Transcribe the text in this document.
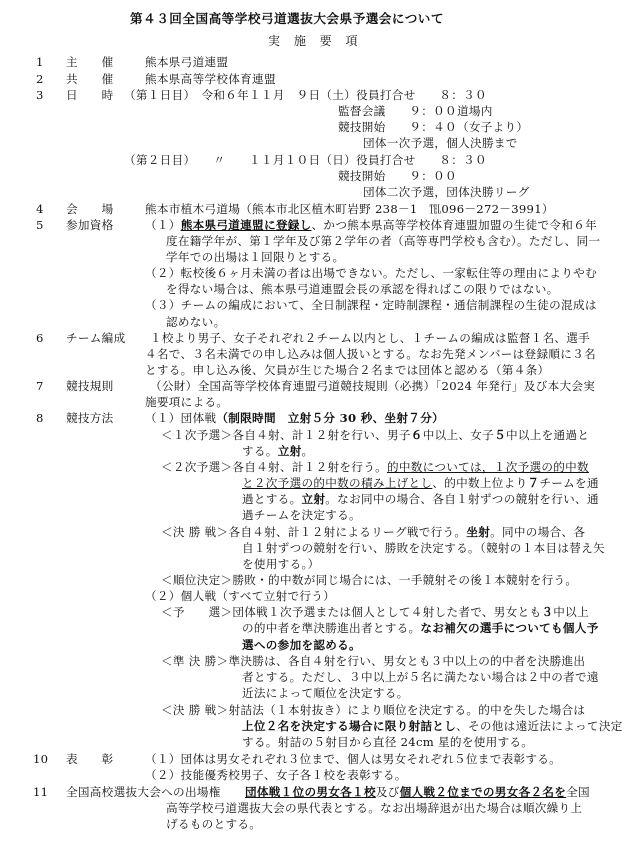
第４３回全国高等学校弓道選抜大会県予選会について
実 施 要 項
1 主　　催	熊本県弓道連盟
2 共　　催	熊本県高等学校体育連盟
3 日　　時 （第１日目）　令和６年１１月　９日（土）役員打合せ　　８：３０
監督会議　　９：００道場内
競技開始　　９：４０（女子より）
団体一次予選，個人決勝まで
（第２日目）　　〃　　１１月１０日（日）役員打合せ　　８：３０
競技開始　　９：００
団体二次予選，団体決勝リーグ
4 会　　場	熊本市植木弓道場（熊本市北区植木町岩野 238－1　℡096－272－3991）
5 参加資格	（１）熊本県弓道連盟に登録し、かつ熊本県高等学校体育連盟加盟の生徒で令和６年
度在籍学年が、第１学年及び第２学年の者（高等専門学校も含む）。ただし、同一
学年での出場は１回限りとする。
（２）転校後６ヶ月未満の者は出場できない。ただし、一家転住等の理由によりやむ
を得ない場合は、熊本県弓道連盟会長の承認を得ればこの限りではない。
（３）チームの編成において、全日制課程・定時制課程・通信制課程の生徒の混成は
認めない。
6 チーム編成 １校より男子、女子それぞれ２チーム以内とし、１チームの編成は監督１名、選手
４名で、３名未満での申し込みは個人扱いとする。なお先発メンバーは登録順に３名
とする。申し込み後、欠員が生じた場合２名までは団体と認める（第４条）
7 競技規則	（公財）全国高等学校体育連盟弓道競技規則（必携）「2024 年発行」及び本大会実
施要項による。
8 競技方法	（１）団体戦（制限時間　立射５分 30 秒、坐射７分）
＜１次予選＞各自４射、計１２射を行い、男子６中以上、女子５中以上を通過と
する。立射。
＜２次予選＞各自４射、計１２射を行う。的中数については，１次予選の的中数
と２次予選の的中数の積み上げとし、的中数上位より７チームを通
過とする。立射。なお同中の場合、各自１射ずつの競射を行い、通
過チームを決定する。
＜決 勝 戦＞各自４射、計１２射によるリーグ戦で行う。坐射。同中の場合、各
自１射ずつの競射を行い、勝敗を決定する。（競射の１本目は替え矢
を使用する。）
＜順位決定＞勝敗・的中数が同じ場合には、一手競射その後１本競射を行う。
（２）個人戦（すべて立射で行う）
＜予　　選＞団体戦１次予選または個人として４射した者で、男女とも３中以上
の的中者を準決勝進出者とする。なお補欠の選手についても個人予
選への参加を認める。
＜準 決 勝＞準決勝は、各自４射を行い、男女とも３中以上の的中者を決勝進出
者とする。ただし、３中以上が５名に満たない場合は２中の者で遠
近法によって順位を決定する。
＜決 勝 戦＞射詰法（１本射抜き）により順位を決定する。的中を失した場合は
上位２名を決定する場合に限り射詰とし、その他は遠近法によって決定
する。射詰の５射目から直径 24cm 星的を使用する。
10 表　　彰	（１）団体は男女それぞれ３位まで、個人は男女それぞれ５位まで表彰する。
（２）技能優秀校男子、女子各１校を表彰する。
11 全国高校選抜大会への出場権 団体戦１位の男女各１校及び個人戦２位までの男女各２名を全国
高等学校弓道選抜大会の県代表とする。なお出場辞退が出た場合は順次繰り上
げるものとする。
